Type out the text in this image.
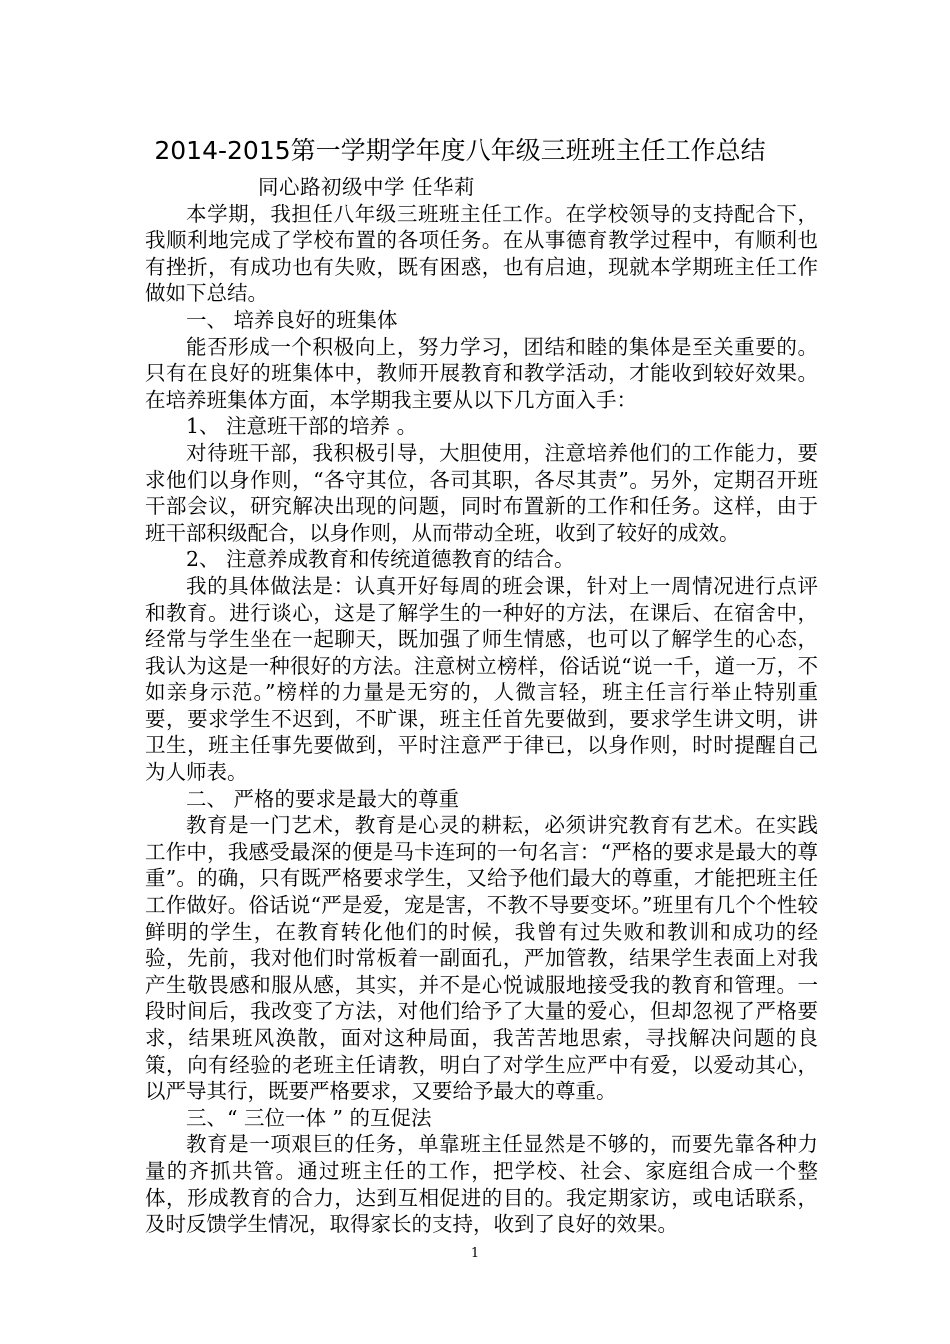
2014-2015第一学期学年度八年级三班班主任工作总结

同心路初级中学 任华莉

本学期，我担任八年级三班班主任工作。在学校领导的支持配合下，我顺利地完成了学校布置的各项任务。在从事德育教学过程中，有顺利也有挫折，有成功也有失败，既有困惑，也有启迪，现就本学期班主任工作做如下总结。

一、 培养良好的班集体

能否形成一个积极向上，努力学习，团结和睦的集体是至关重要的。只有在良好的班集体中，教师开展教育和教学活动，才能收到较好效果。在培养班集体方面，本学期我主要从以下几方面入手：

1、 注意班干部的培养 。

对待班干部，我积极引导，大胆使用，注意培养他们的工作能力，要求他们以身作则，“各守其位，各司其职，各尽其责”。另外，定期召开班干部会议，研究解决出现的问题，同时布置新的工作和任务。这样，由于班干部积级配合，以身作则，从而带动全班，收到了较好的成效。

2、 注意养成教育和传统道德教育的结合。

我的具体做法是：认真开好每周的班会课，针对上一周情况进行点评和教育。进行谈心，这是了解学生的一种好的方法，在课后、在宿舍中，经常与学生坐在一起聊天，既加强了师生情感，也可以了解学生的心态，我认为这是一种很好的方法。注意树立榜样，俗话说“说一千，道一万，不如亲身示范。”榜样的力量是无穷的，人微言轻，班主任言行举止特别重要，要求学生不迟到，不旷课，班主任首先要做到，要求学生讲文明，讲卫生，班主任事先要做到，平时注意严于律已，以身作则，时时提醒自己为人师表。

二、 严格的要求是最大的尊重

教育是一门艺术，教育是心灵的耕耘，必须讲究教育有艺术。在实践工作中，我感受最深的便是马卡连珂的一句名言：“严格的要求是最大的尊重”。的确，只有既严格要求学生，又给予他们最大的尊重，才能把班主任工作做好。俗话说“严是爱，宠是害，不教不导要变坏。”班里有几个个性较鲜明的学生，在教育转化他们的时候，我曾有过失败和教训和成功的经验，先前，我对他们时常板着一副面孔，严加管教，结果学生表面上对我产生敬畏感和服从感，其实，并不是心悦诚服地接受我的教育和管理。一段时间后，我改变了方法，对他们给予了大量的爱心，但却忽视了严格要求，结果班风涣散，面对这种局面，我苦苦地思索，寻找解决问题的良策，向有经验的老班主任请教，明白了对学生应严中有爱，以爱动其心，以严导其行，既要严格要求，又要给予最大的尊重。

三、“ 三位一体 ” 的互促法

教育是一项艰巨的任务，单靠班主任显然是不够的，而要先靠各种力量的齐抓共管。通过班主任的工作，把学校、社会、家庭组合成一个整体，形成教育的合力，达到互相促进的目的。我定期家访，或电话联系，及时反馈学生情况，取得家长的支持，收到了良好的效果。

1
